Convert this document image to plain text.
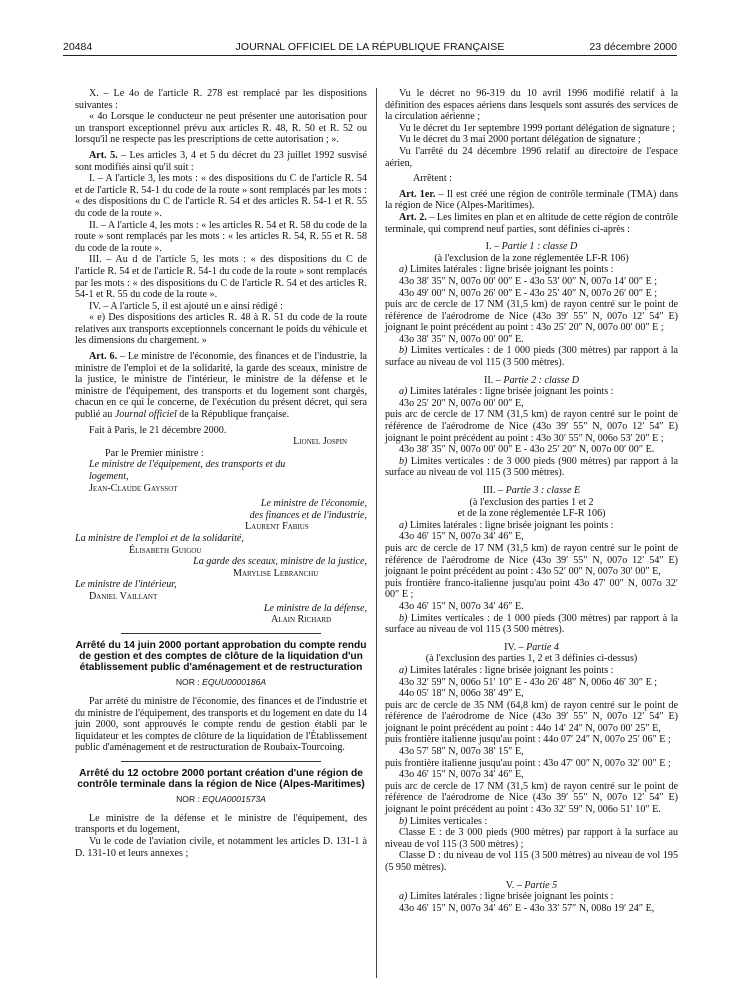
20484	JOURNAL OFFICIEL DE LA RÉPUBLIQUE FRANÇAISE	23 décembre 2000

X. – Le 4o de l'article R. 278 est remplacé par les dispositions suivantes :

« 4o Lorsque le conducteur ne peut présenter une autorisation pour un transport exceptionnel prévu aux articles R. 48, R. 50 et R. 52 ou lorsqu'il ne respecte pas les prescriptions de cette autorisation ; ».

Art. 5. – Les articles 3, 4 et 5 du décret du 23 juillet 1992 susvisé sont modifiés ainsi qu'il suit :

I. – A l'article 3, les mots : « des dispositions du C de l'article R. 54 et de l'article R. 54-1 du code de la route » sont remplacés par les mots : « des dispositions du C de l'article R. 54 et des articles R. 54-1 et R. 55 du code de la route ».

II. – A l'article 4, les mots : « les articles R. 54 et R. 58 du code de la route » sont remplacés par les mots : « les articles R. 54, R. 55 et R. 58 du code de la route ».

III. – Au d de l'article 5, les mots : « des dispositions du C de l'article R. 54 et de l'article R. 54-1 du code de la route » sont remplacés par les mots : « des dispositions du C de l'article R. 54 et des articles R. 54-1 et R. 55 du code de la route ».

IV. – A l'article 5, il est ajouté un e ainsi rédigé :

« e) Des dispositions des articles R. 48 à R. 51 du code de la route relatives aux transports exceptionnels concernant le poids du véhicule et les dimensions du chargement. »

Art. 6. – Le ministre de l'économie, des finances et de l'industrie, la ministre de l'emploi et de la solidarité, la garde des sceaux, ministre de la justice, le ministre de l'intérieur, le ministre de la défense et le ministre de l'équipement, des transports et du logement sont chargés, chacun en ce qui le concerne, de l'exécution du présent décret, qui sera publié au Journal officiel de la République française.

Fait à Paris, le 21 décembre 2000.

Lionel Jospin

Par le Premier ministre :

Le ministre de l'équipement, des transports et du logement,

Jean-Claude Gayssot

Le ministre de l'économie,

des finances et de l'industrie,

Laurent Fabius

La ministre de l'emploi et de la solidarité,

Élisabeth Guigou

La garde des sceaux, ministre de la justice,

Marylise Lebranchu

Le ministre de l'intérieur,

Daniel Vaillant

Le ministre de la défense,

Alain Richard

Arrêté du 14 juin 2000 portant approbation du compte rendu de gestion et des comptes de clôture de la liquidation d'un établissement public d'aménagement et de restructuration

NOR : EQUU0000186A

Par arrêté du ministre de l'économie, des finances et de l'industrie et du ministre de l'équipement, des transports et du logement en date du 14 juin 2000, sont approuvés le compte rendu de gestion établi par le liquidateur et les comptes de clôture de la liquidation de l'Établissement public d'aménagement et de restructuration de Roubaix-Tourcoing.

Arrêté du 12 octobre 2000 portant création d'une région de contrôle terminale dans la région de Nice (Alpes-Maritimes)

NOR : EQUA0001573A

Le ministre de la défense et le ministre de l'équipement, des transports et du logement,

Vu le code de l'aviation civile, et notamment les articles D. 131-1 à D. 131-10 et leurs annexes ;

Vu le décret no 96-319 du 10 avril 1996 modifié relatif à la définition des espaces aériens dans lesquels sont assurés des services de la circulation aérienne ;

Vu le décret du 1er septembre 1999 portant délégation de signature ;

Vu le décret du 3 mai 2000 portant délégation de signature ;

Vu l'arrêté du 24 décembre 1996 relatif au directoire de l'espace aérien,

Arrêtent :

Art. 1er. – Il est créé une région de contrôle terminale (TMA) dans la région de Nice (Alpes-Maritimes).

Art. 2. – Les limites en plan et en altitude de cette région de contrôle terminale, qui comprend neuf parties, sont définies ci-après :

I. – Partie 1 : classe D

(à l'exclusion de la zone réglementée LF-R 106)

a) Limites latérales : ligne brisée joignant les points :

43o 38′ 35″ N, 007o 00′ 00″ E - 43o 53′ 00″ N, 007o 14′ 00″ E ;

43o 49′ 00″ N, 007o 26′ 00″ E - 43o 25′ 40″ N, 007o 26′ 00″ E ;

puis arc de cercle de 17 NM (31,5 km) de rayon centré sur le point de référence de l'aérodrome de Nice (43o 39′ 55″ N, 007o 12′ 54″ E) joignant le point précédent au point : 43o 25′ 20″ N, 007o 00′ 00″ E ;

43o 38′ 35″ N, 007o 00′ 00″ E.

b) Limites verticales : de 1 000 pieds (300 mètres) par rapport à la surface au niveau de vol 115 (3 500 mètres).

II. – Partie 2 : classe D

a) Limites latérales : ligne brisée joignant les points :

43o 25′ 20″ N, 007o 00′ 00″ E,

puis arc de cercle de 17 NM (31,5 km) de rayon centré sur le point de référence de l'aérodrome de Nice (43o 39′ 55″ N, 007o 12′ 54″ E) joignant le point précédent au point : 43o 30′ 55″ N, 006o 53′ 20″ E ;

43o 38′ 35″ N, 007o 00′ 00″ E - 43o 25′ 20″ N, 007o 00′ 00″ E.

b) Limites verticales : de 3 000 pieds (900 mètres) par rapport à la surface au niveau de vol 115 (3 500 mètres).

III. – Partie 3 : classe E

(à l'exclusion des parties 1 et 2

et de la zone réglementée LF-R 106)

a) Limites latérales : ligne brisée joignant les points :

43o 46′ 15″ N, 007o 34′ 46″ E,

puis arc de cercle de 17 NM (31,5 km) de rayon centré sur le point de référence de l'aérodrome de Nice (43o 39′ 55″ N, 007o 12′ 54″ E) joignant le point précédent au point : 43o 52′ 00″ N, 007o 30′ 00″ E,

puis frontière franco-italienne jusqu'au point 43o 47′ 00″ N, 007o 32′ 00″ E ;

43o 46′ 15″ N, 007o 34′ 46″ E.

b) Limites verticales : de 1 000 pieds (300 mètres) par rapport à la surface au niveau de vol 115 (3 500 mètres).

IV. – Partie 4

(à l'exclusion des parties 1, 2 et 3 définies ci-dessus)

a) Limites latérales : ligne brisée joignant les points :

43o 32′ 59″ N, 006o 51′ 10″ E - 43o 26′ 48″ N, 006o 46′ 30″ E ;

44o 05′ 18″ N, 006o 38′ 49″ E,

puis arc de cercle de 35 NM (64,8 km) de rayon centré sur le point de référence de l'aérodrome de Nice (43o 39′ 55″ N, 007o 12′ 54″ E) joignant le point précédent au point : 44o 14′ 24″ N, 007o 00′ 25″ E,

puis frontière italienne jusqu'au point : 44o 07′ 24″ N, 007o 25′ 06″ E ;

43o 57′ 58″ N, 007o 38′ 15″ E,

puis frontière italienne jusqu'au point : 43o 47′ 00″ N, 007o 32′ 00″ E ;

43o 46′ 15″ N, 007o 34′ 46″ E,

puis arc de cercle de 17 NM (31,5 km) de rayon centré sur le point de référence de l'aérodrome de Nice (43o 39′ 55″ N, 007o 12′ 54″ E) joignant le point précédent au point : 43o 32′ 59″ N, 006o 51′ 10″ E.

b) Limites verticales :

Classe E : de 3 000 pieds (900 mètres) par rapport à la surface au niveau de vol 115 (3 500 mètres) ;

Classe D : du niveau de vol 115 (3 500 mètres) au niveau de vol 195 (5 950 mètres).

V. – Partie 5

a) Limites latérales : ligne brisée joignant les points :

43o 46′ 15″ N, 007o 34′ 46″ E - 43o 33′ 57″ N, 008o 19′ 24″ E,
